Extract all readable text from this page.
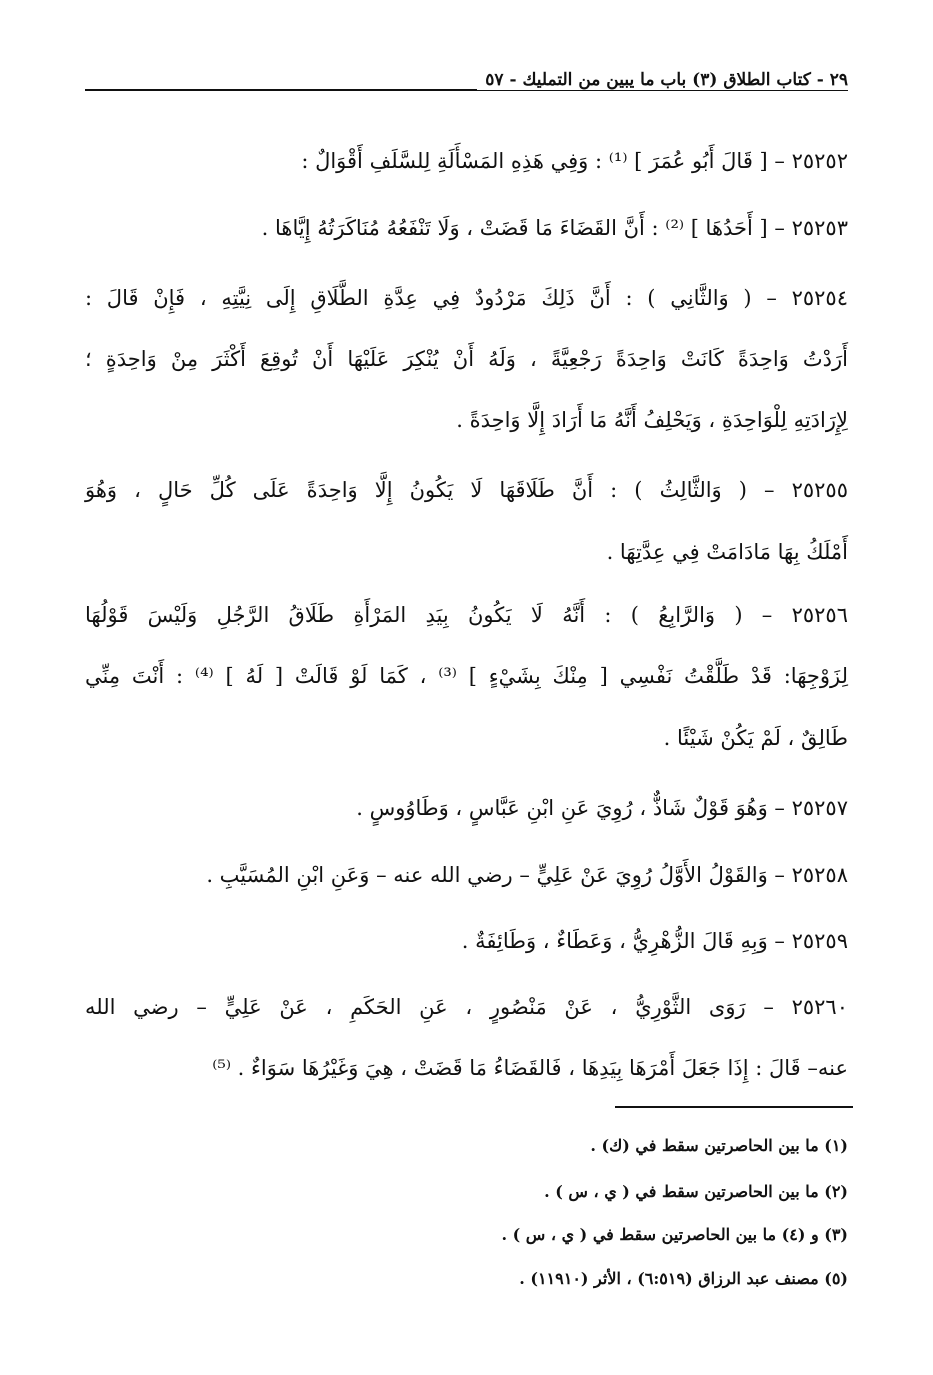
٢٩ - كتاب الطلاق (٣) باب ما يبين من التمليك - ٥٧
٢٥٢٥٢ – [ قَالَ أَبُو عُمَرَ ] ⁽¹⁾ : وَفِي هَذِهِ المَسْأَلَةِ لِلسَّلَفِ أَقْوَالٌ :
٢٥٢٥٣ – [ أَحَدُهَا ] ⁽²⁾ : أَنَّ القَضَاءَ مَا قَضَتْ ، وَلَا تَنْفَعُهُ مُنَاكَرَتُهُ إِيَّاهَا .
٢٥٢٥٤ – ( وَالثَّانِي ) : أَنَّ ذَلِكَ مَرْدُودٌ فِي عِدَّةِ الطَّلَاقِ إِلَى نِيَّتِهِ ، فَإِنْ قَالَ :
أَرَدْتُ وَاحِدَةً كَانَتْ وَاحِدَةً رَجْعِيَّةً ، وَلَهُ أَنْ يُنْكِرَ عَلَيْهَا أَنْ تُوقِعَ أَكْثَرَ مِنْ وَاحِدَةٍ ؛
لِإِرَادَتِهِ لِلْوَاحِدَةِ ، وَيَحْلِفُ أَنَّهُ مَا أَرَادَ إِلَّا وَاحِدَةً .
٢٥٢٥٥ – ( وَالثَّالِثُ ) : أَنَّ طَلَاقَهَا لَا يَكُونُ إِلَّا وَاحِدَةً عَلَى كُلِّ حَالٍ ، وَهُوَ
أَمْلَكُ بِهَا مَادَامَتْ فِي عِدَّتِهَا .
٢٥٢٥٦ – ( وَالرَّابِعُ ) : أَنَّهُ لَا يَكُونُ بِيَدِ المَرْأَةِ طَلَاقُ الرَّجُلِ وَلَيْسَ قَوْلُهَا
لِزَوْجِهَا: قَدْ طَلَّقْتُ نَفْسِي [ مِنْكَ بِشَيْءٍ ] ⁽³⁾ ، كَمَا لَوْ قَالَتْ [ لَهُ ] ⁽⁴⁾ : أَنْتَ مِنِّي
طَالِقٌ ، لَمْ يَكُنْ شَيْئًا .
٢٥٢٥٧ – وَهُوَ قَوْلٌ شَاذٌّ ، رُوِيَ عَنِ ابْنِ عَبَّاسٍ ، وَطَاوُوسٍ .
٢٥٢٥٨ – وَالقَوْلُ الأَوَّلُ رُوِيَ عَنْ عَلِيٍّ – رضي الله عنه – وَعَنِ ابْنِ المُسَيَّبِ .
٢٥٢٥٩ – وَبِهِ قَالَ الزُّهْرِيُّ ، وَعَطَاءٌ ، وَطَائِفَةٌ .
٢٥٢٦٠ – رَوَى الثَّوْرِيُّ ، عَنْ مَنْصُورٍ ، عَنِ الحَكَمِ ، عَنْ عَلِيٍّ – رضي الله
عنه– قَالَ : إِذَا جَعَلَ أَمْرَهَا بِيَدِهَا ، فَالقَضَاءُ مَا قَضَتْ ، هِيَ وَغَيْرُهَا سَوَاءٌ . ⁽⁵⁾
(١) ما بين الحاصرتين سقط في (ك) .
(٢) ما بين الحاصرتين سقط في ( ي ، س ) .
(٣) و (٤) ما بين الحاصرتين سقط في ( ي ، س ) .
(٥) مصنف عبد الرزاق (٦:٥١٩) ، الأثر (١١٩١٠) .
